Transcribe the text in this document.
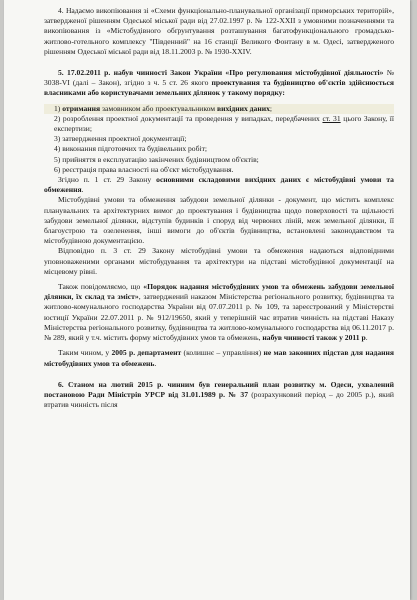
4. Надаємо викопіювання зі «Схеми функціонально-планувальної організації приморських територій», затвердженої рішенням Одеської міської ради від 27.02.1997 р. № 122-XXII з умовними позначеннями та викопіювання із «Містобудівного обґрунтування розташування багатофункціонального громадсько-житлово-готельного комплексу "Південний" на 16 станції Великого Фонтану в м. Одесі, затвердженого рішенням Одеської міської ради від 18.11.2003 р. № 1930-XXIV.

5. 17.02.2011 р. набув чинності Закон України «Про регулювання містобудівної діяльності» № 3038-VI (далі – Закон), згідно з ч. 5 ст. 26 якого проектування та будівництво об'єктів здійснюється власниками або користувачами земельних ділянок у такому порядку:

1) отримання замовником або проектувальником вихідних даних;

2) розроблення проектної документації та проведення у випадках, передбачених ст. 31 цього Закону, її експертизи;

3) затвердження проектної документації;

4) виконання підготовчих та будівельних робіт;

5) прийняття в експлуатацію закінчених будівництвом об'єктів;

6) реєстрація права власності на об'єкт містобудування.

Згідно п. 1 ст. 29 Закону основними складовими вихідних даних є містобудівні умови та обмеження.

Містобудівні умови та обмеження забудови земельної ділянки - документ, що містить комплекс планувальних та архітектурних вимог до проектування і будівництва щодо поверховості та щільності забудови земельної ділянки, відступів будинків і споруд від червоних ліній, меж земельної ділянки, її благоустрою та озеленення, інші вимоги до об'єктів будівництва, встановлені законодавством та містобудівною документацією.

Відповідно п. 3 ст. 29 Закону містобудівні умови та обмеження надаються відповідними уповноваженими органами містобудування та архітектури на підставі містобудівної документації на місцевому рівні.

Також повідомляємо, що «Порядок надання містобудівних умов та обмежень забудови земельної ділянки, їх склад та зміст», затверджений наказом Міністерства регіонального розвитку, будівництва та житлово-комунального господарства України від 07.07.2011 р. № 109, та зареєстрований у Міністерстві юстиції України 22.07.2011 р. № 912/19650, який у теперішній час втратив чинність на підставі Наказу Міністерства регіонального розвитку, будівництва та житлово-комунального господарства від 06.11.2017 р. № 289, який у т.ч. містить форму містобудівних умов та обмежень, набув чинності також у 2011 р.

Таким чином, у 2005 р. департамент (колишнє – управління) не мав законних підстав для надання містобудівних умов та обмежень.

6. Станом на лютий 2015 р. чинним був генеральний план розвитку м. Одеси, ухвалений постановою Ради Міністрів УРСР від 31.01.1989 р. № 37 (розрахунковий період – до 2005 р.), який втратив чинність після
